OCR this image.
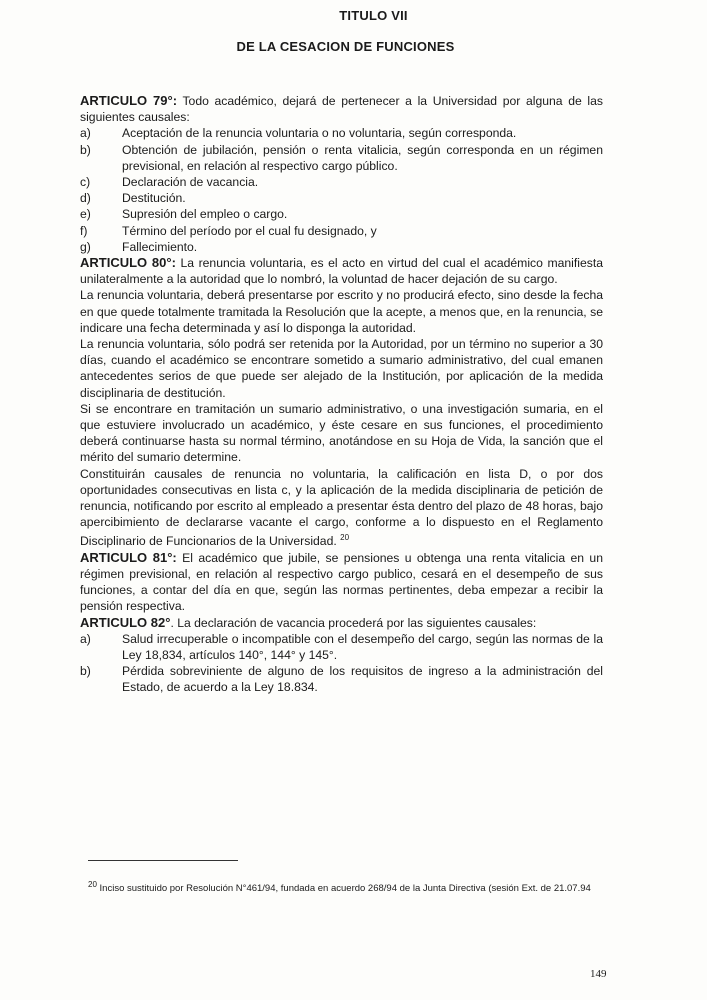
TITULO VII
DE LA CESACION DE FUNCIONES

ARTICULO 79°: Todo académico, dejará de pertenecer a la Universidad por alguna de las siguientes causales:

a)	Aceptación de la renuncia voluntaria o no voluntaria, según corresponda.
b)	Obtención de jubilación, pensión o renta vitalicia, según corresponda en un régimen previsional, en relación al respectivo cargo público.
c)	Declaración de vacancia.
d)	Destitución.
e)	Supresión del empleo o cargo.
f)	Término del período por el cual fu designado, y
g)	Fallecimiento.

ARTICULO 80°: La renuncia voluntaria, es el acto en virtud del cual el académico manifiesta unilateralmente a la autoridad que lo nombró, la voluntad de hacer dejación de su cargo.

La renuncia voluntaria, deberá presentarse por escrito y no producirá efecto, sino desde la fecha en que quede totalmente tramitada la Resolución que la acepte, a menos que, en la renuncia, se indicare una fecha determinada y así lo disponga la autoridad.

La renuncia voluntaria, sólo podrá ser retenida por la Autoridad, por un término no superior a 30 días, cuando el académico se encontrare sometido a sumario administrativo, del cual emanen antecedentes serios de que puede ser alejado de la Institución, por aplicación de la medida disciplinaria de destitución.

Si se encontrare en tramitación un sumario administrativo, o una investigación sumaria, en el que estuviere involucrado un académico, y éste cesare en sus funciones, el procedimiento deberá continuarse hasta su normal término, anotándose en su Hoja de Vida, la sanción que el mérito del sumario determine.

Constituirán causales de renuncia no voluntaria, la calificación en lista D, o por dos oportunidades consecutivas en lista c, y la aplicación de la medida disciplinaria de petición de renuncia, notificando por escrito al empleado a presentar ésta dentro del plazo de 48 horas, bajo apercibimiento de declararse vacante el cargo, conforme a lo dispuesto en el Reglamento Disciplinario de Funcionarios de la Universidad. $^{20}$

ARTICULO 81°: El académico que jubile, se pensiones u obtenga una renta vitalicia en un régimen previsional, en relación al respectivo cargo publico, cesará en el desempeño de sus funciones, a contar del día en que, según las normas pertinentes, deba empezar a recibir la pensión respectiva.

ARTICULO 82°. La declaración de vacancia procederá por las siguientes causales:

a)	Salud irrecuperable o incompatible con el desempeño del cargo, según las normas de la Ley 18,834, artículos 140°, 144° y 145°.
b)	Pérdida sobreviniente de alguno de los requisitos de ingreso a la administración del Estado, de acuerdo a la Ley 18.834.
$^{20}$ Inciso sustituido por Resolución N°461/94, fundada en acuerdo 268/94 de la Junta Directiva (sesión Ext. de 21.07.94
149
